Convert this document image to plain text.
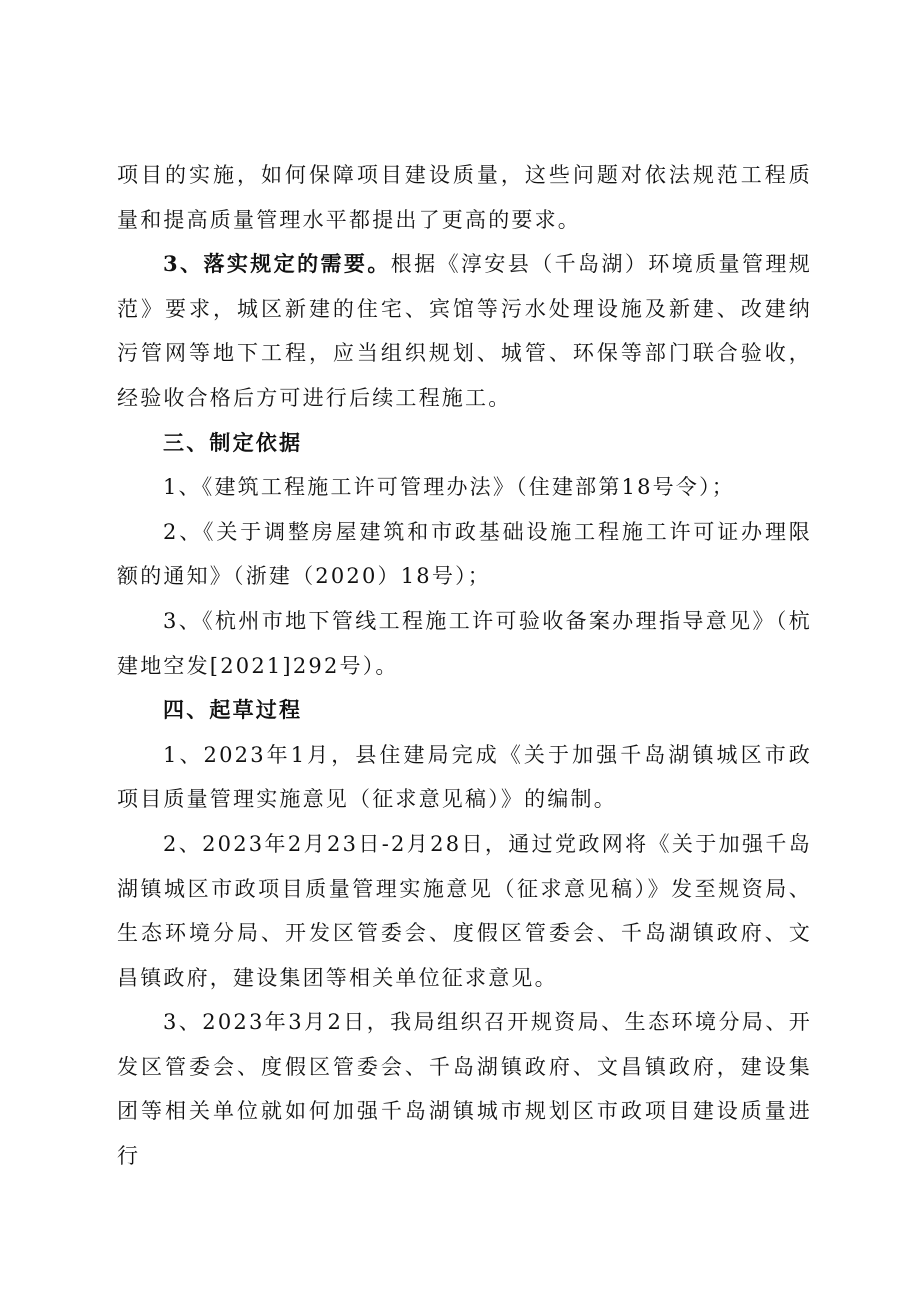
项目的实施，如何保障项目建设质量，这些问题对依法规范工程质量和提高质量管理水平都提出了更高的要求。

3、落实规定的需要。根据《淳安县（千岛湖）环境质量管理规范》要求，城区新建的住宅、宾馆等污水处理设施及新建、改建纳污管网等地下工程，应当组织规划、城管、环保等部门联合验收，经验收合格后方可进行后续工程施工。

三、制定依据

1、《建筑工程施工许可管理办法》（住建部第18号令）；

2、《关于调整房屋建筑和市政基础设施工程施工许可证办理限额的通知》（浙建（2020）18号）；

3、《杭州市地下管线工程施工许可验收备案办理指导意见》（杭建地空发[2021]292号）。

四、起草过程

1、2023年1月，县住建局完成《关于加强千岛湖镇城区市政项目质量管理实施意见（征求意见稿）》的编制。

2、2023年2月23日-2月28日，通过党政网将《关于加强千岛湖镇城区市政项目质量管理实施意见（征求意见稿）》发至规资局、生态环境分局、开发区管委会、度假区管委会、千岛湖镇政府、文昌镇政府，建设集团等相关单位征求意见。

3、2023年3月2日，我局组织召开规资局、生态环境分局、开发区管委会、度假区管委会、千岛湖镇政府、文昌镇政府，建设集团等相关单位就如何加强千岛湖镇城市规划区市政项目建设质量进行
